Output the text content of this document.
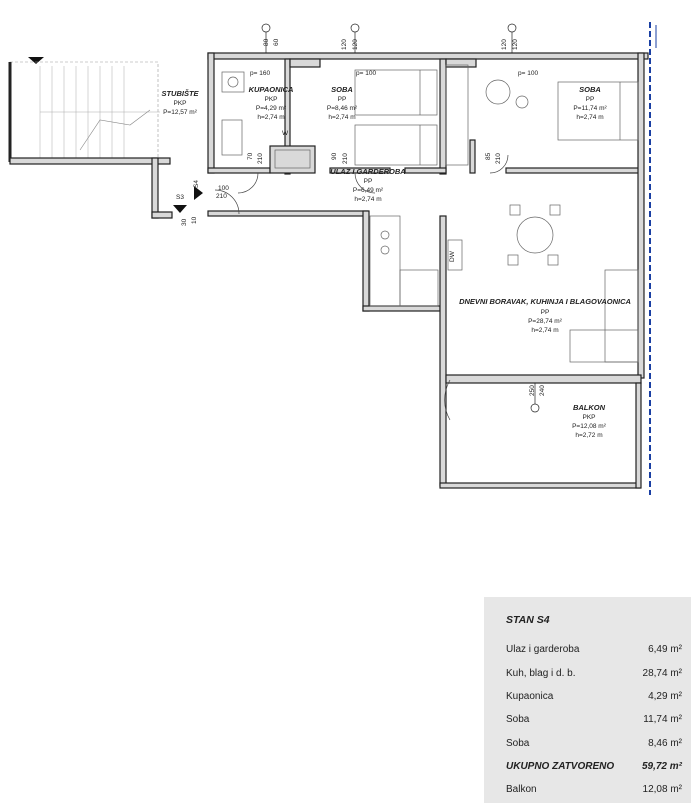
S3
S4
80 60	120 120	120 120
p= 160	p= 100	p= 100
70 210	90 210	85 210
100
210
30 10
250 240
DW
W
STUBIŠTE
PKP
P=12,57 m²
KUPAONICA
PKP
P=4,29 m²
h=2,74 m
SOBA
PP
P=8,46 m²
h=2,74 m
SOBA
PP
P=11,74 m²
h=2,74 m
ULAZ I GARDEROBA
PP
P=6,49 m²
h=2,74 m
DNEVNI BORAVAK, KUHINJA I BLAGOVAONICA
PP
P=28,74 m²
h=2,74 m
BALKON
PKP
P=12,08 m²
h=2,72 m
STAN S4
Ulaz i garderoba	6,49 m²
Kuh, blag i d. b.	28,74 m²
Kupaonica	4,29 m²
Soba	11,74 m²
Soba	8,46 m²
UKUPNO ZATVORENO	59,72 m²
Balkon	12,08 m²
